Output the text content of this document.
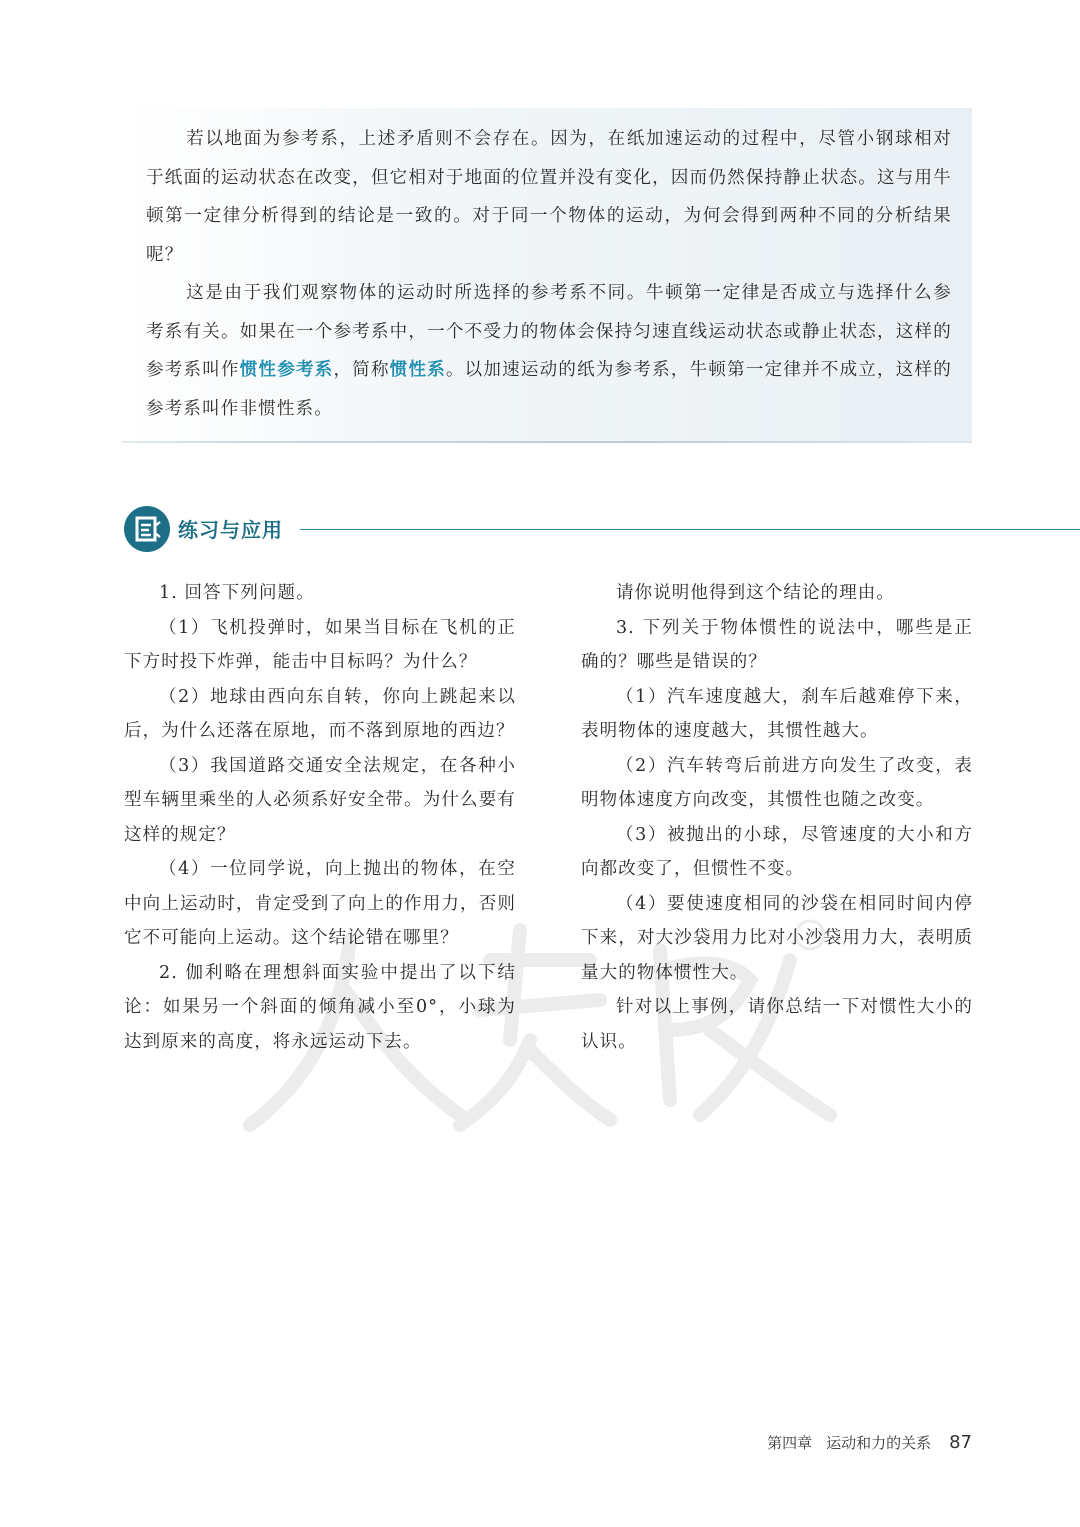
若以地面为参考系，上述矛盾则不会存在。因为，在纸加速运动的过程中，尽管小钢球相对于纸面的运动状态在改变，但它相对于地面的位置并没有变化，因而仍然保持静止状态。这与用牛顿第一定律分析得到的结论是一致的。对于同一个物体的运动，为何会得到两种不同的分析结果呢？

这是由于我们观察物体的运动时所选择的参考系不同。牛顿第一定律是否成立与选择什么参考系有关。如果在一个参考系中，一个不受力的物体会保持匀速直线运动状态或静止状态，这样的参考系叫作惯性参考系，简称惯性系。以加速运动的纸为参考系，牛顿第一定律并不成立，这样的参考系叫作非惯性系。

练习与应用

1. 回答下列问题。

（1）飞机投弹时，如果当目标在飞机的正下方时投下炸弹，能击中目标吗？为什么？

（2）地球由西向东自转，你向上跳起来以后，为什么还落在原地，而不落到原地的西边？

（3）我国道路交通安全法规定，在各种小型车辆里乘坐的人必须系好安全带。为什么要有这样的规定？

（4）一位同学说，向上抛出的物体，在空中向上运动时，肯定受到了向上的作用力，否则它不可能向上运动。这个结论错在哪里？

2. 伽利略在理想斜面实验中提出了以下结论：如果另一个斜面的倾角减小至0°，小球为达到原来的高度，将永远运动下去。

请你说明他得到这个结论的理由。

3. 下列关于物体惯性的说法中，哪些是正确的？哪些是错误的？

（1）汽车速度越大，刹车后越难停下来，表明物体的速度越大，其惯性越大。

（2）汽车转弯后前进方向发生了改变，表明物体速度方向改变，其惯性也随之改变。

（3）被抛出的小球，尽管速度的大小和方向都改变了，但惯性不变。

（4）要使速度相同的沙袋在相同时间内停下来，对大沙袋用力比对小沙袋用力大，表明质量大的物体惯性大。

针对以上事例，请你总结一下对惯性大小的认识。

第四章 运动和力的关系 87
